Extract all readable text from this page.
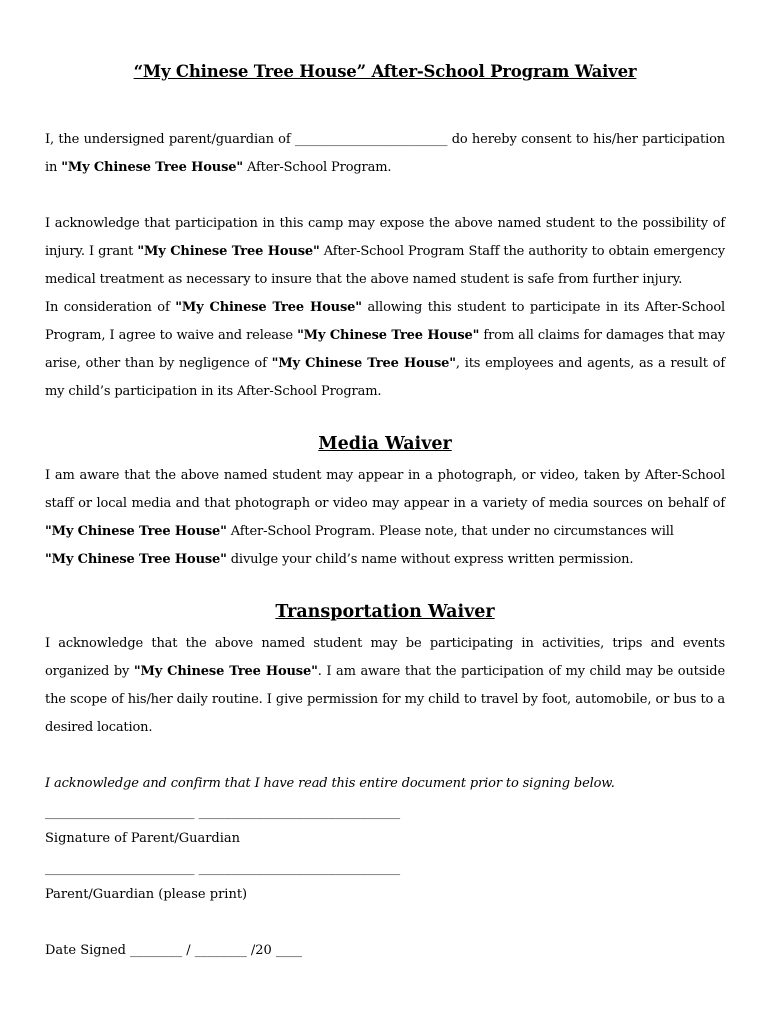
“My Chinese Tree House” After-School Program Waiver

I, the undersigned parent/guardian of ________________________ do hereby consent to his/her participation in "My Chinese Tree House" After-School Program.

I acknowledge that participation in this camp may expose the above named student to the possibility of injury. I grant "My Chinese Tree House" After-School Program Staff the authority to obtain emergency medical treatment as necessary to insure that the above named student is safe from further injury.

In consideration of "My Chinese Tree House" allowing this student to participate in its After-School Program, I agree to waive and release "My Chinese Tree House" from all claims for damages that may arise, other than by negligence of "My Chinese Tree House", its employees and agents, as a result of my child’s participation in its After-School Program.

Media Waiver

I am aware that the above named student may appear in a photograph, or video, taken by After-School staff or local media and that photograph or video may appear in a variety of media sources on behalf of "My Chinese Tree House" After-School Program. Please note, that under no circumstances will
"My Chinese Tree House" divulge your child’s name without express written permission.

Transportation Waiver

I acknowledge that the above named student may be participating in activities, trips and events organized by "My Chinese Tree House". I am aware that the participation of my child may be outside the scope of his/her daily routine. I give permission for my child to travel by foot, automobile, or bus to a desired location.

I acknowledge and confirm that I have read this entire document prior to signing below.

_______________________ _______________________________
Signature of Parent/Guardian
_______________________ _______________________________
Parent/Guardian (please print)
Date Signed ________ / ________ /20 ____
